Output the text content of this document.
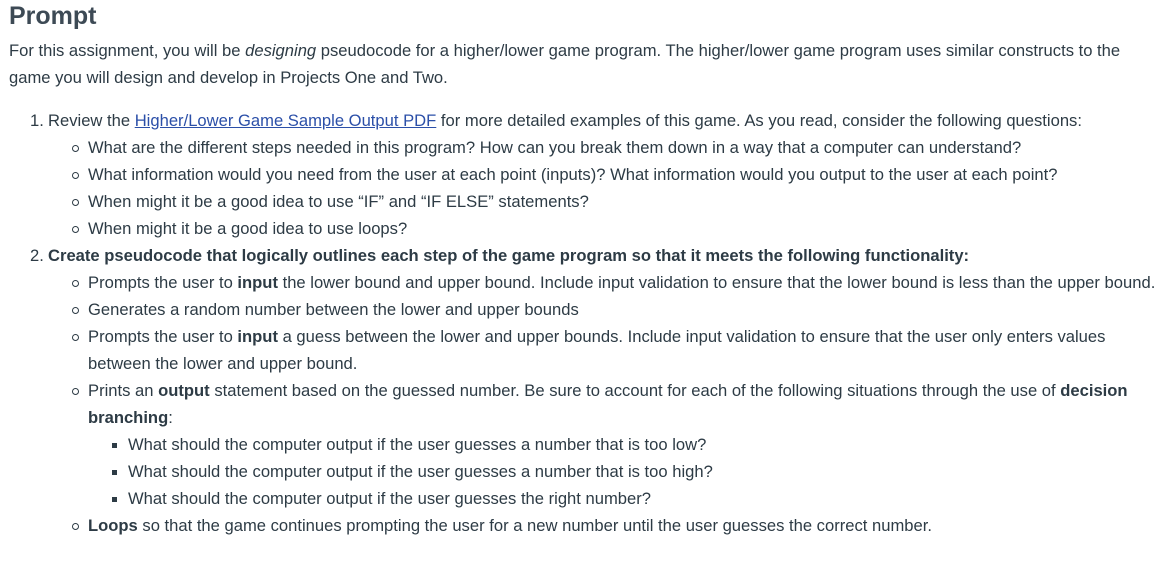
Prompt

For this assignment, you will be designing pseudocode for a higher/lower game program. The higher/lower game program uses similar constructs to the game you will design and develop in Projects One and Two.

1. Review the Higher/Lower Game Sample Output PDF for more detailed examples of this game. As you read, consider the following questions:
What are the different steps needed in this program? How can you break them down in a way that a computer can understand?
What information would you need from the user at each point (inputs)? What information would you output to the user at each point?
When might it be a good idea to use “IF” and “IF ELSE” statements?
When might it be a good idea to use loops?
2. Create pseudocode that logically outlines each step of the game program so that it meets the following functionality:
Prompts the user to input the lower bound and upper bound. Include input validation to ensure that the lower bound is less than the upper bound.
Generates a random number between the lower and upper bounds
Prompts the user to input a guess between the lower and upper bounds. Include input validation to ensure that the user only enters values between the lower and upper bound.
Prints an output statement based on the guessed number. Be sure to account for each of the following situations through the use of decision branching:
What should the computer output if the user guesses a number that is too low?
What should the computer output if the user guesses a number that is too high?
What should the computer output if the user guesses the right number?
Loops so that the game continues prompting the user for a new number until the user guesses the correct number.
